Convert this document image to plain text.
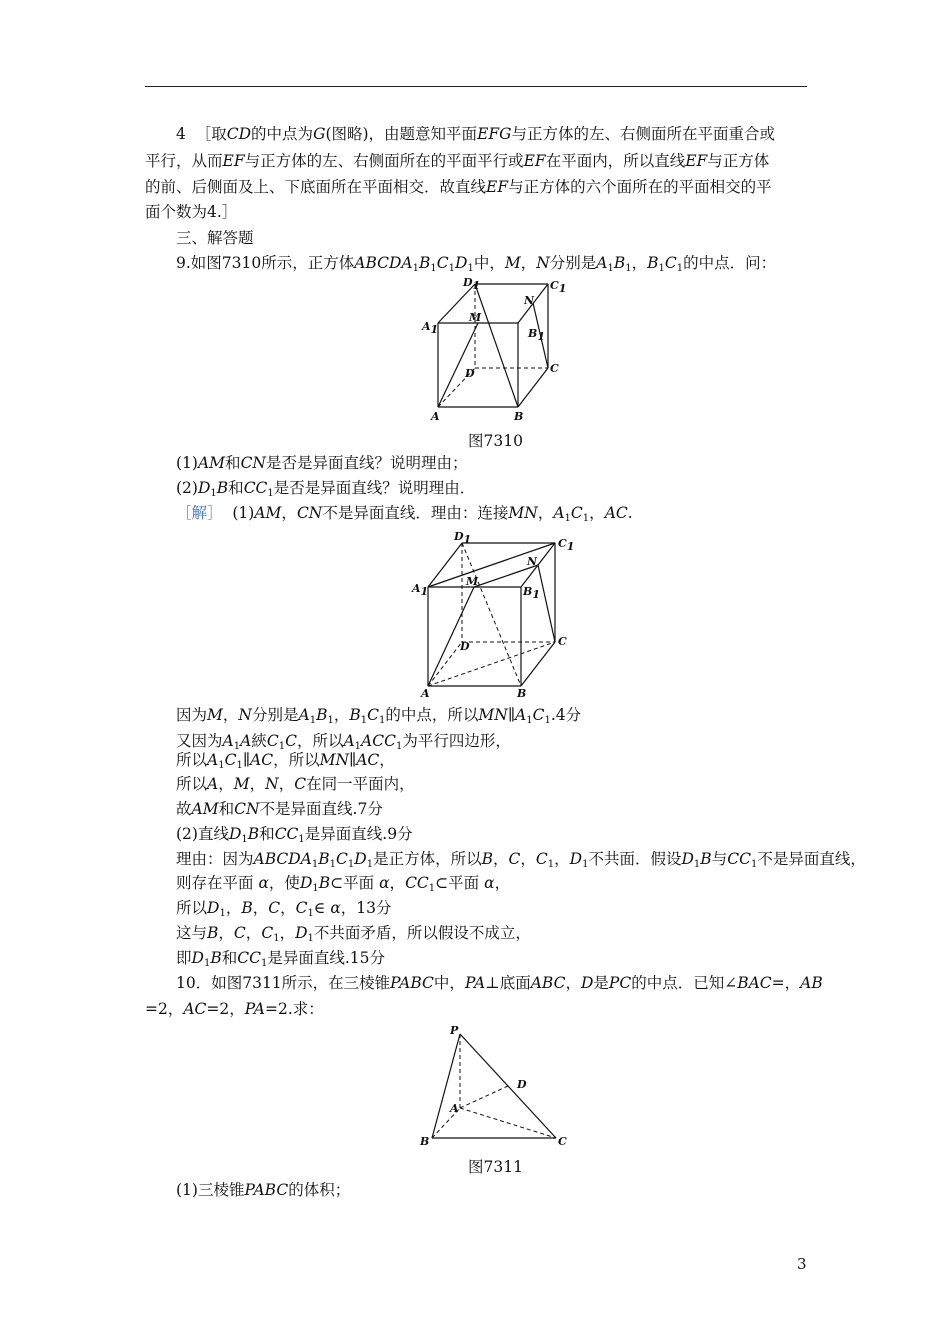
4 ［取CD的中点为G(图略)，由题意知平面EFG与正方体的左、右侧面所在平面重合或
平行，从而EF与正方体的左、右侧面所在的平面平行或EF在平面内，所以直线EF与正方体
的前、后侧面及上、下底面所在平面相交．故直线EF与正方体的六个面所在的平面相交的平
面个数为4.］
三、解答题
9.如图7310所示，正方体$ABCDA_1B_1C_1D_1$中，M，N分别是$A_1B_1$，$B_1C_1$的中点．问：
D1	C1
A1	B1
M
N
D	C
A	B
图7310
(1)AM和CN是否是异面直线？说明理由；
$(2)D_1B$和$CC_1$是否是异面直线？说明理由．
［解］ (1)AM，CN不是异面直线．理由：连接MN，$A_1C_1$，AC.
D1	C1
A1	B1
M
N
D	C
A	B
因为M，N分别是$A_1B_1$，$B_1C_1$的中点，所以$MN\parallel A_1C_1.4$分
又因为$A_1A$綊$C_1C$，所以$A_1ACC_1$为平行四边形，
所以$A_1C_1\parallel AC$，所以MN∥AC，
所以A，M，N，C在同一平面内，
故AM和CN不是异面直线.7分
(2)直线$D_1B$和$CC_1$是异面直线.9分
理由：因为$ABCDA_1B_1C_1D_1$是正方体，所以B，C，$C_1$，$D_1$不共面．假设$D_1B$与$CC_1$不是异面直线，
则存在平面 α，使$D_1B\subset$平面 α，$CC_1\subset$平面 α，
所以$D_1$，B，C，$C_1\in$ α，13分
这与B，C，$C_1$，$D_1$不共面矛盾，所以假设不成立，
即$D_1B$和$CC_1$是异面直线.15分
10．如图7311所示，在三棱锥PABC中，PA⊥底面ABC，D是PC的中点．已知∠BAC=，AB
=2，AC=2，PA=2.求：
P
D
A
B	C
图7311
(1)三棱锥PABC的体积；
3
